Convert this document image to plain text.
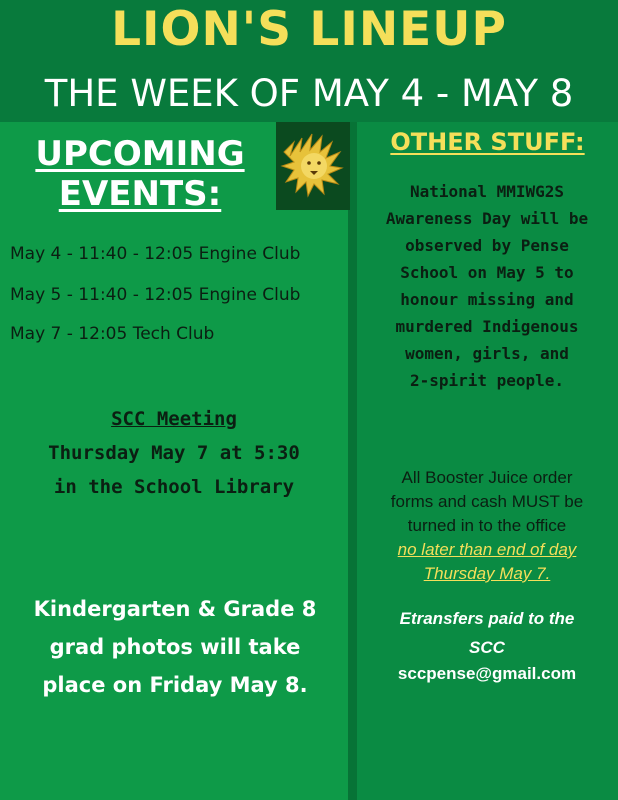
LION'S LINEUP
THE WEEK OF MAY 4 - MAY 8
UPCOMING
EVENTS:
May 4 - 11:40 - 12:05 Engine Club
May 5 - 11:40 - 12:05 Engine Club
May 7 - 12:05 Tech Club
SCC Meeting
Thursday May 7 at 5:30
in the School Library
Kindergarten & Grade 8
grad photos will take
place on Friday May 8.
OTHER STUFF:
National MMIWG2S
Awareness Day will be
observed by Pense
School on May 5 to
honour missing and
murdered Indigenous
women, girls, and
2-spirit people.
All Booster Juice order
forms and cash MUST be
turned in to the office
no later than end of day
Thursday May 7.
Etransfers paid to the
SCC
sccpense@gmail.com
